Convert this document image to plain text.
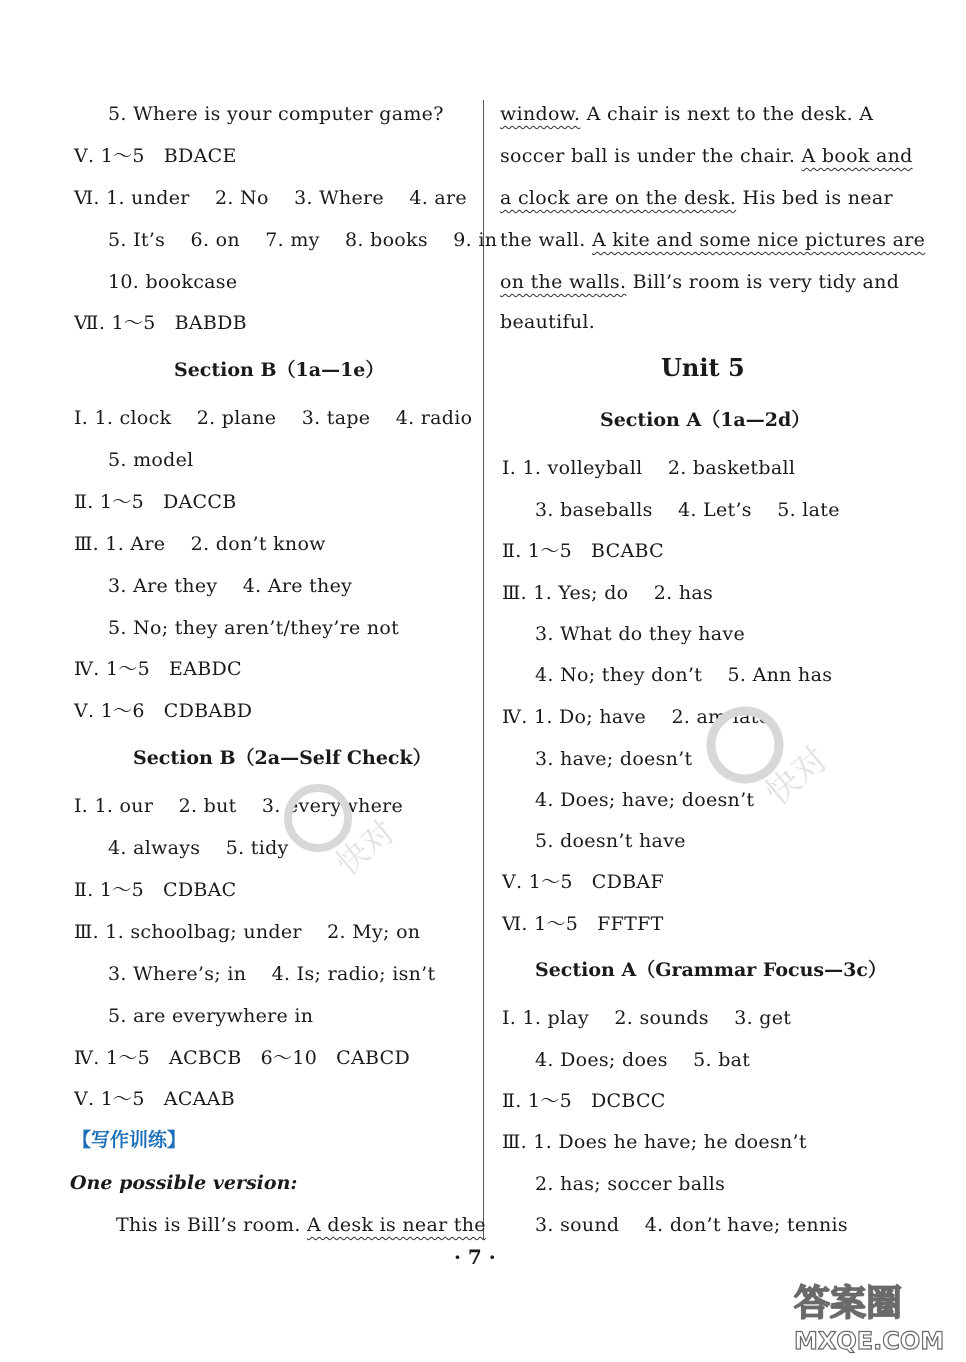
5. Where is your computer game?
Ⅴ. 1～5   BDACE
Ⅵ. 1. under    2. No    3. Where    4. are
5. It’s    6. on    7. my    8. books    9. in
10. bookcase
Ⅶ. 1～5   BABDB
Section B（1a—1e）
Ⅰ. 1. clock    2. plane    3. tape    4. radio
5. model
Ⅱ. 1～5   DACCB
Ⅲ. 1. Are    2. don’t know
3. Are they    4. Are they
5. No; they aren’t/they’re not
Ⅳ. 1～5   EABDC
Ⅴ. 1～6   CDBABD
Section B（2a—Self Check）
Ⅰ. 1. our    2. but    3. everywhere
4. always    5. tidy
Ⅱ. 1～5   CDBAC
Ⅲ. 1. schoolbag; under    2. My; on
3. Where’s; in    4. Is; radio; isn’t
5. are everywhere in
Ⅳ. 1～5   ACBCB   6～10   CABCD
Ⅴ. 1～5   ACAAB
【写作训练】
One possible version:
This is Bill’s room. A desk is near the
window. A chair is next to the desk. A
soccer ball is under the chair. A book and
a clock are on the desk. His bed is near
the wall. A kite and some nice pictures are
on the walls. Bill’s room is very tidy and
beautiful.
Unit 5
Section A（1a—2d）
Ⅰ. 1. volleyball    2. basketball
3. baseballs    4. Let’s    5. late
Ⅱ. 1～5   BCABC
Ⅲ. 1. Yes; do    2. has
3. What do they have
4. No; they don’t    5. Ann has
Ⅳ. 1. Do; have    2. am late
3. have; doesn’t
4. Does; have; doesn’t
5. doesn’t have
Ⅴ. 1～5   CDBAF
Ⅵ. 1～5   FFTFT
Section A（Grammar Focus—3c）
Ⅰ. 1. play    2. sounds    3. get
4. Does; does    5. bat
Ⅱ. 1～5   DCBCC
Ⅲ. 1. Does he have; he doesn’t
2. has; soccer balls
3. sound    4. don’t have; tennis
· 7 ·
快对
快对
答案圈
MXQE.COM
